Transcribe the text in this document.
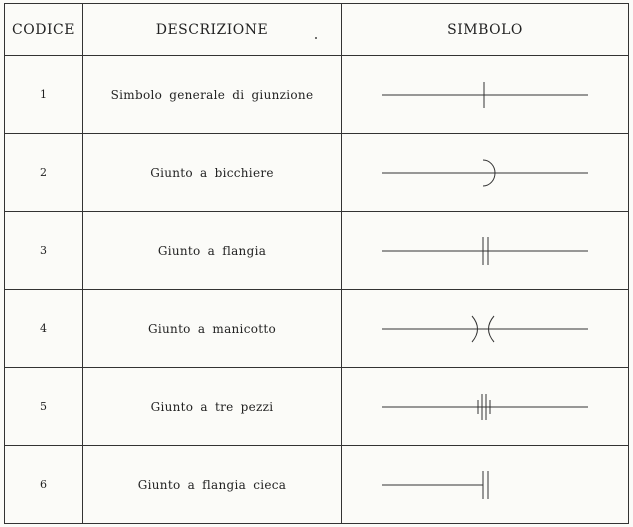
CODICE	DESCRIZIONE	SIMBOLO
1	Simbolo generale di giunzione	

2	Giunto a bicchiere	

3	Giunto a flangia	

4	Giunto a manicotto	

5	Giunto a tre pezzi	

6	Giunto a flangia cieca	
